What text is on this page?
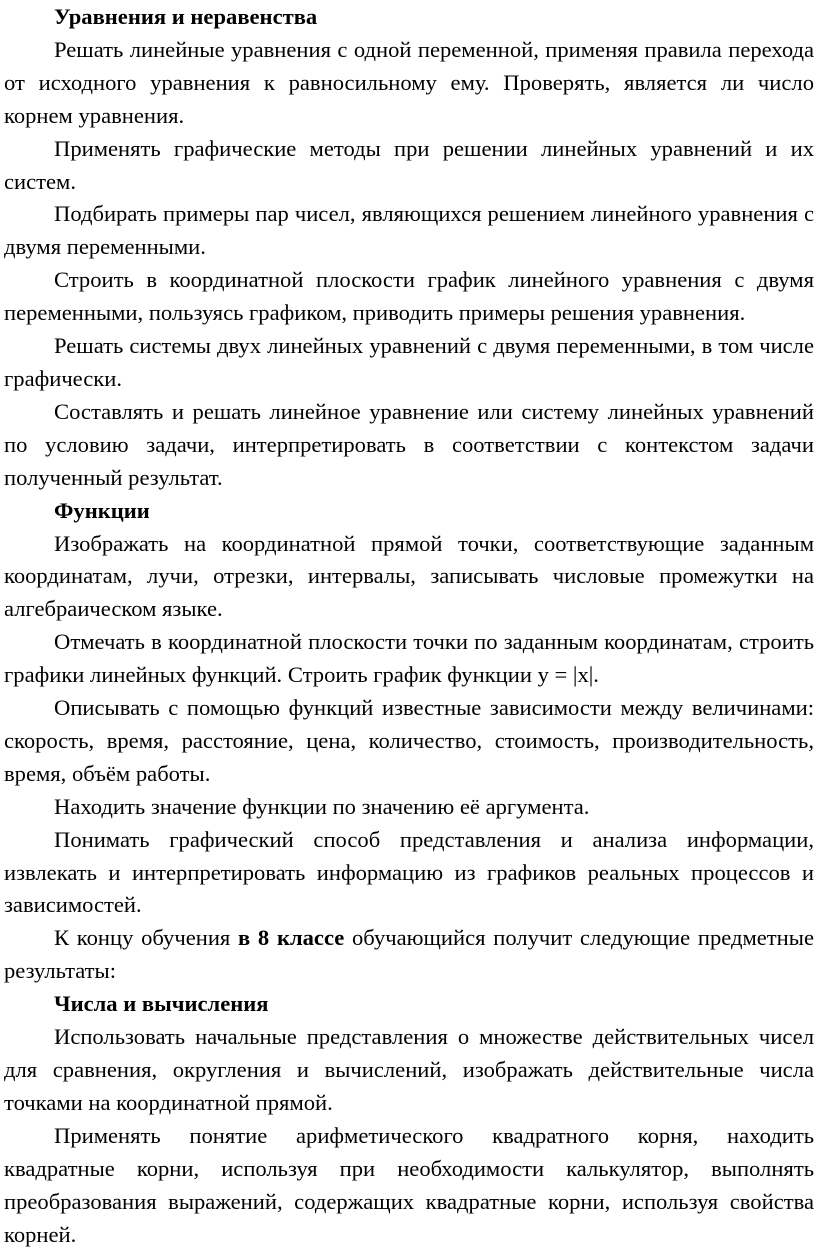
Уравнения и неравенства

Решать линейные уравнения с одной переменной, применяя правила перехода от исходного уравнения к равносильному ему. Проверять, является ли число корнем уравнения.

Применять графические методы при решении линейных уравнений и их систем.

Подбирать примеры пар чисел, являющихся решением линейного уравнения с двумя переменными.

Строить в координатной плоскости график линейного уравнения с двумя переменными, пользуясь графиком, приводить примеры решения уравнения.

Решать системы двух линейных уравнений с двумя переменными, в том числе графически.

Составлять и решать линейное уравнение или систему линейных уравнений по условию задачи, интерпретировать в соответствии с контекстом задачи полученный результат.

Функции

Изображать на координатной прямой точки, соответствующие заданным координатам, лучи, отрезки, интервалы, записывать числовые промежутки на алгебраическом языке.

Отмечать в координатной плоскости точки по заданным координатам, строить графики линейных функций. Строить график функции y = |x|.

Описывать с помощью функций известные зависимости между величинами: скорость, время, расстояние, цена, количество, стоимость, производительность, время, объём работы.

Находить значение функции по значению её аргумента.

Понимать графический способ представления и анализа информации, извлекать и интерпретировать информацию из графиков реальных процессов и зависимостей.

К концу обучения в 8 классе обучающийся получит следующие предметные результаты:

Числа и вычисления

Использовать начальные представления о множестве действительных чисел для сравнения, округления и вычислений, изображать действительные числа точками на координатной прямой.

Применять понятие арифметического квадратного корня, находить квадратные корни, используя при необходимости калькулятор, выполнять преобразования выражений, содержащих квадратные корни, используя свойства корней.
